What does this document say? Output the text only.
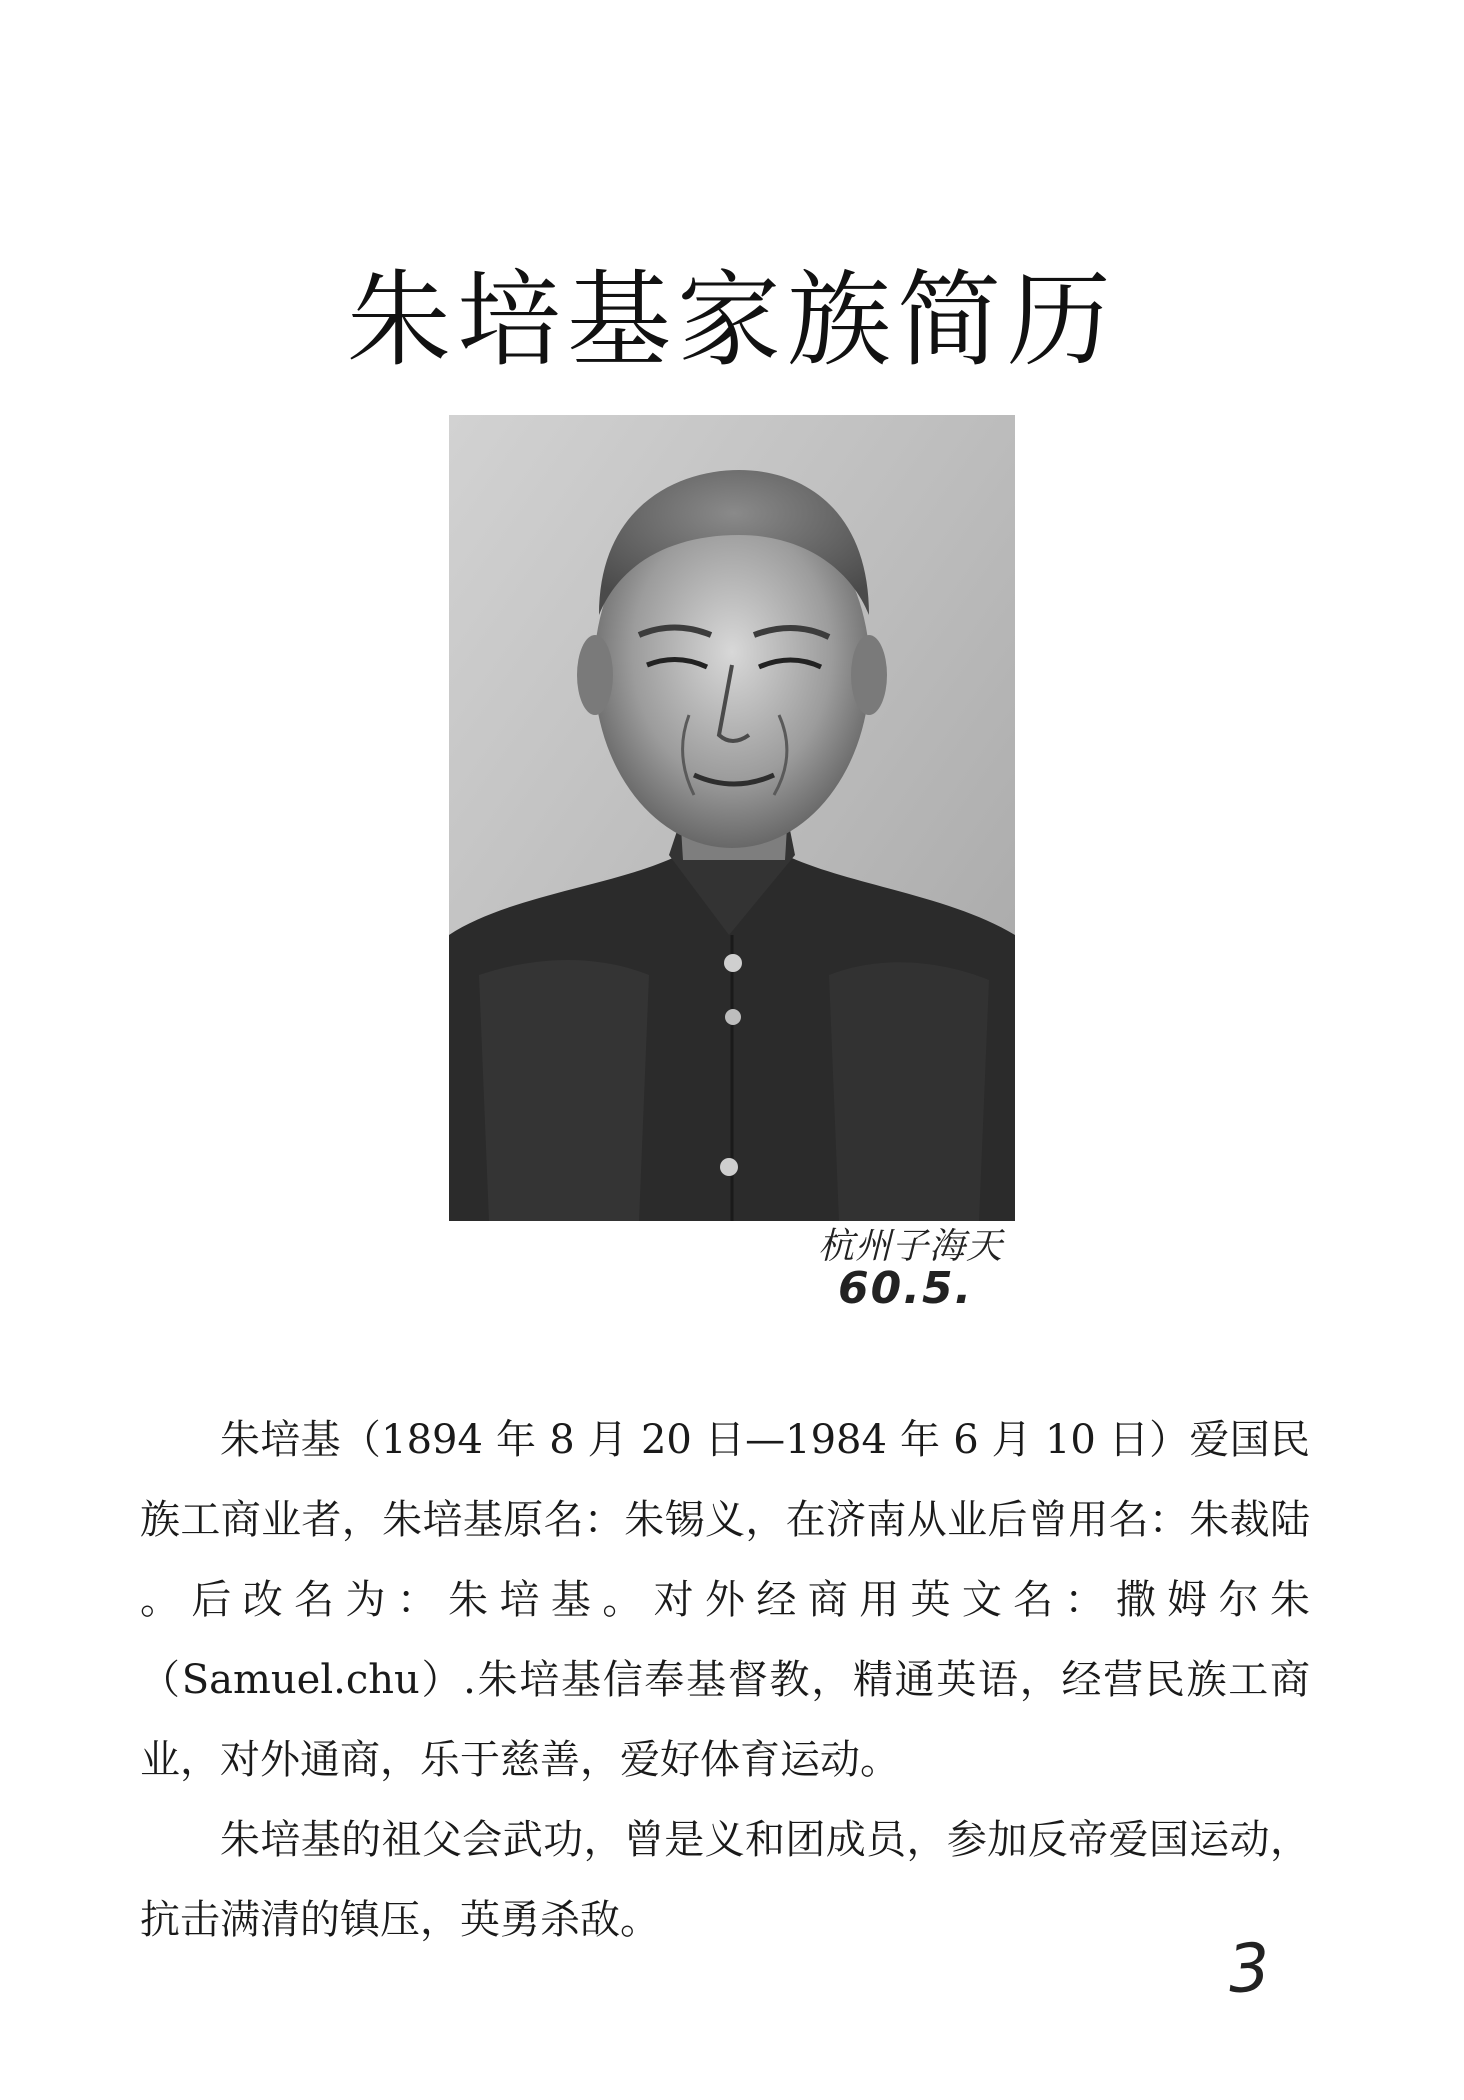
朱培基家族简历
杭州子海天
60.5.

朱培基（1894 年 8 月 20 日—1984 年 6 月 10 日）爱国民族工商业者，朱培基原名：朱锡义，在济南从业后曾用名：朱裁陆 。后改名为：朱培基。对外经商用英文名：撒姆尔朱（Samuel.chu）.朱培基信奉基督教，精通英语，经营民族工商业，对外通商，乐于慈善，爱好体育运动。

朱培基的祖父会武功，曾是义和团成员，参加反帝爱国运动，抗击满清的镇压，英勇杀敌。

3
